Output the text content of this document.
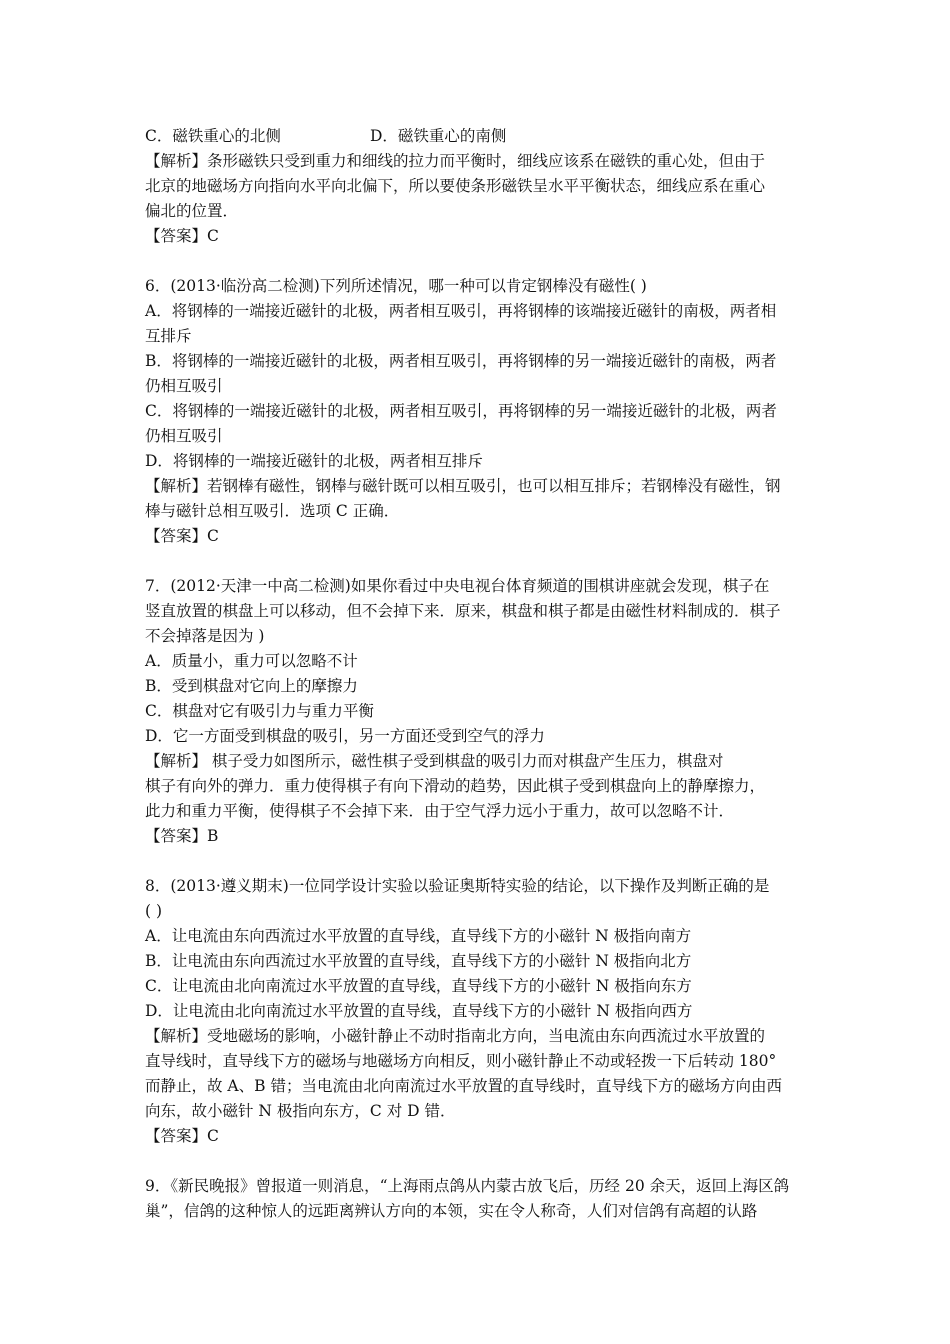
C．磁铁重心的北侧	D．磁铁重心的南侧
【解析】条形磁铁只受到重力和细线的拉力而平衡时，细线应该系在磁铁的重心处，但由于
北京的地磁场方向指向水平向北偏下，所以要使条形磁铁呈水平平衡状态，细线应系在重心
偏北的位置．
【答案】C
6．(2013·临汾高二检测)下列所述情况，哪一种可以肯定钢棒没有磁性( )
A．将钢棒的一端接近磁针的北极，两者相互吸引，再将钢棒的该端接近磁针的南极，两者相
互排斥
B．将钢棒的一端接近磁针的北极，两者相互吸引，再将钢棒的另一端接近磁针的南极，两者
仍相互吸引
C．将钢棒的一端接近磁针的北极，两者相互吸引，再将钢棒的另一端接近磁针的北极，两者
仍相互吸引
D．将钢棒的一端接近磁针的北极，两者相互排斥
【解析】若钢棒有磁性，钢棒与磁针既可以相互吸引，也可以相互排斥；若钢棒没有磁性，钢
棒与磁针总相互吸引．选项 C 正确．
【答案】C
7．(2012·天津一中高二检测)如果你看过中央电视台体育频道的围棋讲座就会发现，棋子在
竖直放置的棋盘上可以移动，但不会掉下来．原来，棋盘和棋子都是由磁性材料制成的．棋子
不会掉落是因为 )
A．质量小，重力可以忽略不计
B．受到棋盘对它向上的摩擦力
C．棋盘对它有吸引力与重力平衡
D．它一方面受到棋盘的吸引，另一方面还受到空气的浮力
【解析】 棋子受力如图所示，磁性棋子受到棋盘的吸引力而对棋盘产生压力，棋盘对
棋子有向外的弹力．重力使得棋子有向下滑动的趋势，因此棋子受到棋盘向上的静摩擦力，
此力和重力平衡，使得棋子不会掉下来．由于空气浮力远小于重力，故可以忽略不计．
【答案】B
8．(2013·遵义期末)一位同学设计实验以验证奥斯特实验的结论，以下操作及判断正确的是
( )
A．让电流由东向西流过水平放置的直导线，直导线下方的小磁针 N 极指向南方
B．让电流由东向西流过水平放置的直导线，直导线下方的小磁针 N 极指向北方
C．让电流由北向南流过水平放置的直导线，直导线下方的小磁针 N 极指向东方
D．让电流由北向南流过水平放置的直导线，直导线下方的小磁针 N 极指向西方
【解析】受地磁场的影响，小磁针静止不动时指南北方向，当电流由东向西流过水平放置的
直导线时，直导线下方的磁场与地磁场方向相反，则小磁针静止不动或轻拨一下后转动 180°
而静止，故 A、B 错；当电流由北向南流过水平放置的直导线时，直导线下方的磁场方向由西
向东，故小磁针 N 极指向东方，C 对 D 错．
【答案】C
9．《新民晚报》曾报道一则消息，“上海雨点鸽从内蒙古放飞后，历经 20 余天，返回上海区鸽
巢”，信鸽的这种惊人的远距离辨认方向的本领，实在令人称奇，人们对信鸽有高超的认路
